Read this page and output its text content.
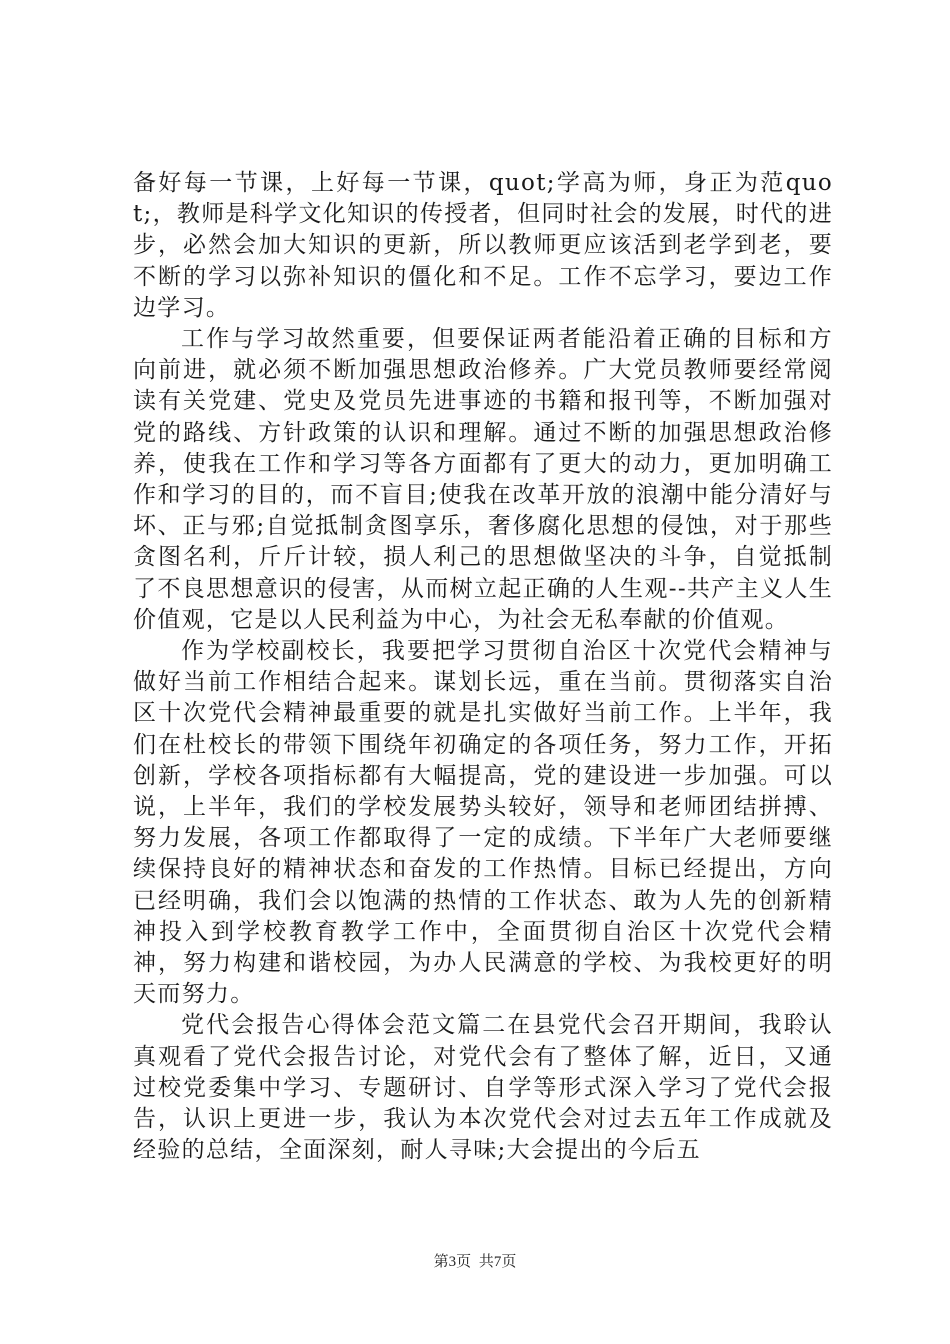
备好每一节课，上好每一节课，quot;学高为师，身正为范quot;，教师是科学文化知识的传授者，但同时社会的发展，时代的进步，必然会加大知识的更新，所以教师更应该活到老学到老，要不断的学习以弥补知识的僵化和不足。工作不忘学习，要边工作边学习。

工作与学习故然重要，但要保证两者能沿着正确的目标和方向前进，就必须不断加强思想政治修养。广大党员教师要经常阅读有关党建、党史及党员先进事迹的书籍和报刊等，不断加强对党的路线、方针政策的认识和理解。通过不断的加强思想政治修养，使我在工作和学习等各方面都有了更大的动力，更加明确工作和学习的目的，而不盲目;使我在改革开放的浪潮中能分清好与坏、正与邪;自觉抵制贪图享乐，奢侈腐化思想的侵蚀，对于那些贪图名利，斤斤计较，损人利己的思想做坚决的斗争，自觉抵制了不良思想意识的侵害，从而树立起正确的人生观--共产主义人生价值观，它是以人民利益为中心，为社会无私奉献的价值观。

作为学校副校长，我要把学习贯彻自治区十次党代会精神与做好当前工作相结合起来。谋划长远，重在当前。贯彻落实自治区十次党代会精神最重要的就是扎实做好当前工作。上半年，我们在杜校长的带领下围绕年初确定的各项任务，努力工作，开拓创新，学校各项指标都有大幅提高，党的建设进一步加强。可以说，上半年，我们的学校发展势头较好，领导和老师团结拼搏、努力发展，各项工作都取得了一定的成绩。下半年广大老师要继续保持良好的精神状态和奋发的工作热情。目标已经提出，方向已经明确，我们会以饱满的热情的工作状态、敢为人先的创新精神投入到学校教育教学工作中，全面贯彻自治区十次党代会精神，努力构建和谐校园，为办人民满意的学校、为我校更好的明天而努力。

党代会报告心得体会范文篇二在县党代会召开期间，我聆认真观看了党代会报告讨论，对党代会有了整体了解，近日，又通过校党委集中学习、专题研讨、自学等形式深入学习了党代会报告，认识上更进一步，我认为本次党代会对过去五年工作成就及经验的总结，全面深刻，耐人寻味;大会提出的今后五

第3页 共7页
